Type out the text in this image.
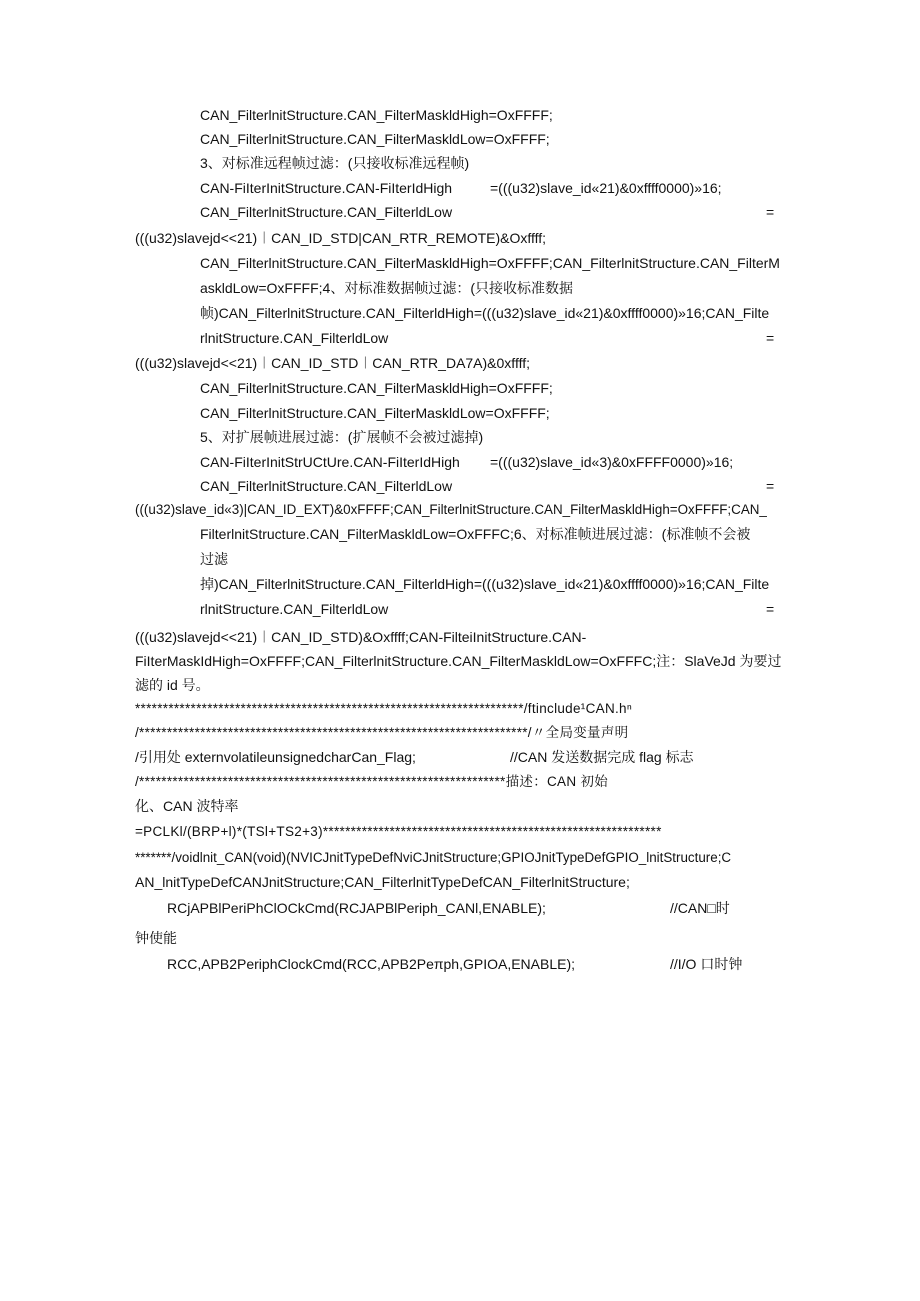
CAN_FilterlnitStructure.CAN_FilterMaskldHigh=OxFFFF;
CAN_FilterlnitStructure.CAN_FilterMaskldLow=OxFFFF;
3、对标准远程帧过滤：(只接收标准远程帧)
CAN-FiIterInitStructure.CAN-FiIterIdHigh	=(((u32)slave_id«21)&0xffff0000)»16;
CAN_FilterlnitStructure.CAN_FilterldLow	=
(((u32)slavejd<<21)︱CAN_ID_STD|CAN_RTR_REMOTE)&Oxffff;
CAN_FilterlnitStructure.CAN_FilterMaskldHigh=OxFFFF;CAN_FilterlnitStructure.CAN_FilterM
askldLow=OxFFFF;4、对标准数据帧过滤：(只接收标准数据
帧)CAN_FilterlnitStructure.CAN_FilterldHigh=(((u32)slave_id«21)&0xffff0000)»16;CAN_Filte
rlnitStructure.CAN_FilterldLow	=
(((u32)slavejd<<21)︱CAN_ID_STD︱CAN_RTR_DA7A)&0xffff;
CAN_FilterlnitStructure.CAN_FilterMaskldHigh=OxFFFF;
CAN_FilterlnitStructure.CAN_FilterMaskldLow=OxFFFF;
5、对扩展帧进展过滤：(扩展帧不会被过滤掉)
CAN-FiIterInitStrUCtUre.CAN-FiIterIdHigh =(((u32)slave_id«3)&0xFFFF0000)»16;
CAN_FilterlnitStructure.CAN_FilterldLow	=
(((u32)slave_id«3)|CAN_ID_EXT)&0xFFFF;CAN_FilterlnitStructure.CAN_FilterMaskldHigh=OxFFFF;CAN_
FilterlnitStructure.CAN_FilterMaskldLow=OxFFFC;6、对标准帧进展过滤：(标准帧不会被
过滤
掉)CAN_FilterlnitStructure.CAN_FilterldHigh=(((u32)slave_id«21)&0xffff0000)»16;CAN_Filte
rlnitStructure.CAN_FilterldLow	=
(((u32)slavejd<<21)︱CAN_ID_STD)&Oxffff;CAN-FilteiInitStructure.CAN-
FiIterMaskIdHigh=OxFFFF;CAN_FilterlnitStructure.CAN_FilterMaskldLow=OxFFFC;注：SlaVeJd 为要过
滤的 id 号。
**********************************************************************/ftinclude¹CAN.hⁿ
/**********************************************************************/〃全局变量声明
/引用处 externvolatileunsignedcharCan_Flag;	//CAN 发送数据完成 flag 标志
/******************************************************************描述：CAN 初始
化、CAN 波特率
=PCLKl/(BRP+l)*(TSl+TS2+3)*************************************************************
*******/voidlnit_CAN(void)(NVICJnitTypeDefNviCJnitStructure;GPIOJnitTypeDefGPIO_lnitStructure;C
AN_lnitTypeDefCANJnitStructure;CAN_FilterlnitTypeDefCAN_FilterlnitStructure;
RCjAPBlPeriPhClOCkCmd(RCJAPBlPeriph_CANl,ENABLE);	//CAN□时
钟使能
RCC,APB2PeriphClockCmd(RCC,APB2Peπph,GPIOA,ENABLE);	//I/O 口时钟
